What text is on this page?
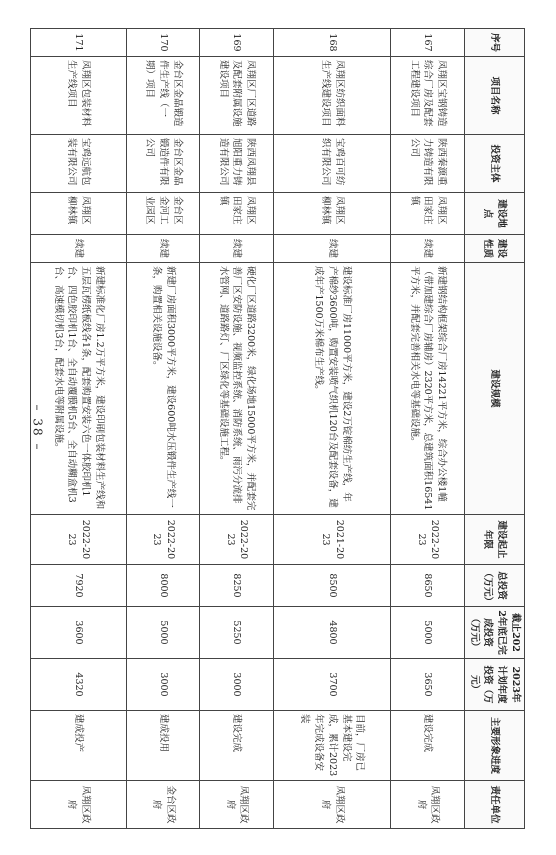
– 38 –
序号	项目名称	投资主体	建设地点	建设性质	建设规模	建设起止年限	总投资（万元）	截止2022年底已完成投资（万元）	2023年计划年度投资（万元）	主要形象进度	责任单位
167	凤翔区宝钢铸造综合厂房及配套工程建设项目	陕西秦源重力铸造有限公司	凤翔区田家庄镇	续建	新建钢结构框架综合厂房14221平方米，综合办公楼1幢（带加建综合厂房辅房）2320平方米，总建筑面积16541平方米，并配套完善相关水电等基础设施。	2022-2023	8650	5000	3650	建设完成	凤翔区政府
168	凤翔区纺织面料生产线建设项目	宝鸡百可纺织有限公司	凤翔区柳林镇	续建	建设标准厂房11000平方米，建设2万锭棉纺生产线，年产棉纱3600吨，购置安装喷气织机120台及配套设备，建成年产1500万米棉布生产线。	2021-2023	8500	4800	3700	目前，厂房已基本建设完成，累计2023年完成设备安装	凤翔区政府
169	凤翔区厂区道路及配套附属设施建设项目	陕西凤翔县旭阳重力铸造有限公司	凤翔区田家庄镇	续建	硬化厂区道路3200米，绿化场地15000平方米，并配套完善厂区安防设施、视频监控系统、消防系统、雨污分流排水管网、道路路灯、厂区绿化等基础设施工程。	2022-2023	8250	5250	3000	建设完成	凤翔区政府
170	金台区金晶锻造件生产线（一期）项目	金台区金晶锻造件有限公司	金台区金河工业园区	续建	新建厂房面积3000平方米，建设600吨水压锻件生产线一条，购置相关设施设备。	2022-2023	8000	5000	3000	建成投用	金台区政府
171	凤翔区包装材料生产线项目	宝鸡远航包装有限公司	凤翔区柳林镇	续建	新建标准化厂房1.2万平方米，建设印刷包装材料生产线和五层瓦楞纸板线各1条，配套购置安装六色一体胶印机1台、四色胶印机1台、全自动覆膜机5台、全自动糊盒机3台、高速模切机3台，配套水电等附属设施。	2022-2023	7920	3600	4320	建成投产	凤翔区政府
